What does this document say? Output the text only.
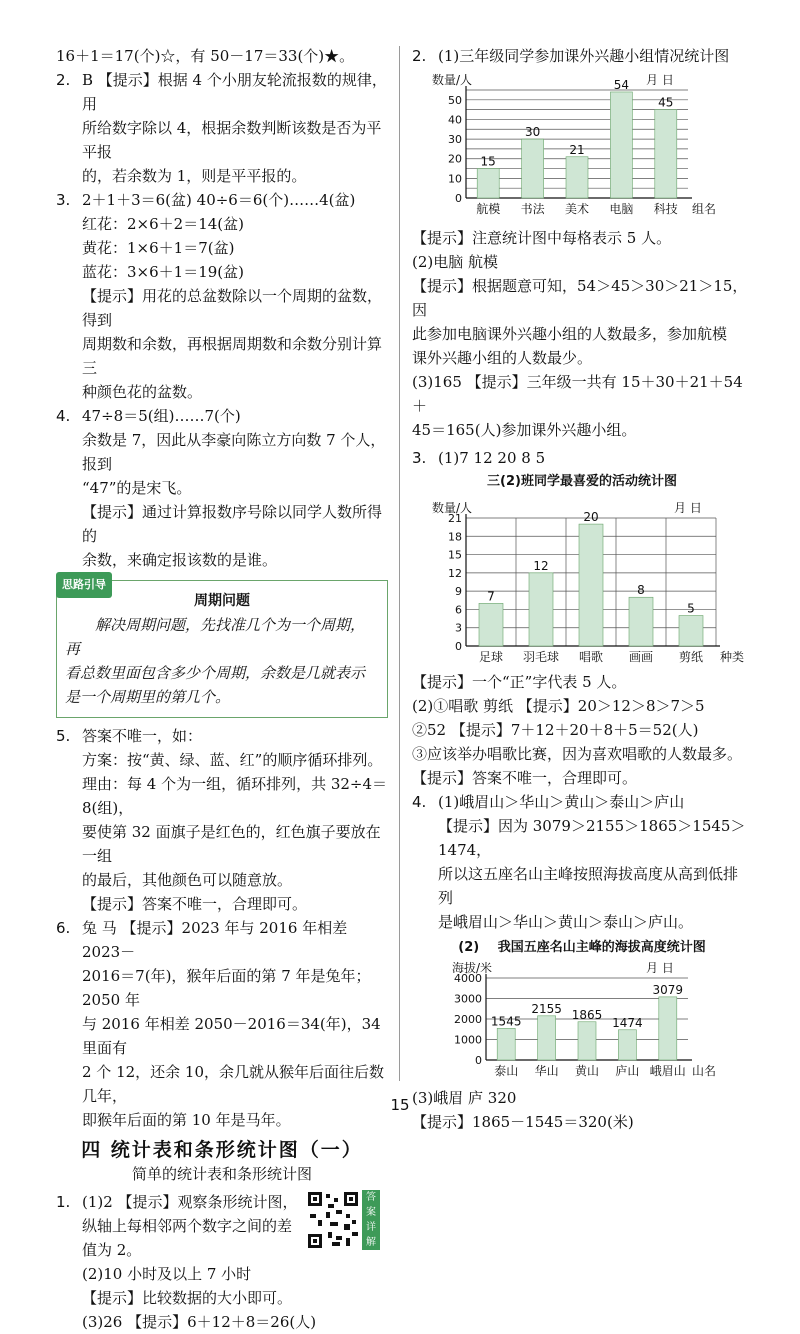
16＋1＝17(个)☆，有 50－17＝33(个)★。

2. B 【提示】根据 4 个小朋友轮流报数的规律，用

所给数字除以 4，根据余数判断该数是否为平平报

的，若余数为 1，则是平平报的。

3. 2＋1＋3＝6(盆) 40÷6＝6(个)……4(盆)

红花：2×6＋2＝14(盆)

黄花：1×6＋1＝7(盆)

蓝花：3×6＋1＝19(盆)

【提示】用花的总盆数除以一个周期的盆数，得到

周期数和余数，再根据周期数和余数分别计算三

种颜色花的盆数。

4. 47÷8＝5(组)……7(个)

余数是 7，因此从李豪向陈立方向数 7 个人，报到

“47”的是宋飞。

【提示】通过计算报数序号除以同学人数所得的

余数，来确定报该数的是谁。

思路引导
周期问题

解决周期问题，先找准几个为一个周期，再

看总数里面包含多少个周期，余数是几就表示

是一个周期里的第几个。

5. 答案不唯一，如：

方案：按“黄、绿、蓝、红”的顺序循环排列。

理由：每 4 个为一组，循环排列，共 32÷4＝8(组)，

要使第 32 面旗子是红色的，红色旗子要放在一组

的最后，其他颜色可以随意放。

【提示】答案不唯一，合理即可。

6. 兔 马 【提示】2023 年与 2016 年相差 2023－

2016＝7(年)，猴年后面的第 7 年是兔年；2050 年

与 2016 年相差 2050－2016＝34(年)，34 里面有

2 个 12，还余 10，余几就从猴年后面往后数几年，

即猴年后面的第 10 年是马年。

四 统计表和条形统计图（一）
简单的统计表和条形统计图
1. (1)2 【提示】观察条形统计图，

纵轴上每相邻两个数字之间的差

值为 2。

(2)10 小时及以上 7 小时

【提示】比较数据的大小即可。

(3)26 【提示】6＋12＋8＝26(人)

答案详解
2. (1)三年级同学参加课外兴趣小组情况统计图

数量/人	月 日
0
10
20
30
40
50
15
航模
30
书法
21
美术
54
电脑
45
科技 组名

【提示】注意统计图中每格表示 5 人。

(2)电脑 航模

【提示】根据题意可知，54＞45＞30＞21＞15，因

此参加电脑课外兴趣小组的人数最多，参加航模

课外兴趣小组的人数最少。

(3)165 【提示】三年级一共有 15＋30＋21＋54＋

45＝165(人)参加课外兴趣小组。

3. (1)7 12 20 8 5

三(2)班同学最喜爱的活动统计图
数量/人	月 日
0
3
6
9
12
15
18
21
7
足球
12
羽毛球
20
唱歌
8
画画
5
剪纸 种类

【提示】一个“正”字代表 5 人。

(2)①唱歌 剪纸 【提示】20＞12＞8＞7＞5

②52 【提示】7＋12＋20＋8＋5＝52(人)

③应该举办唱歌比赛，因为喜欢唱歌的人数最多。

【提示】答案不唯一，合理即可。

4. (1)峨眉山＞华山＞黄山＞泰山＞庐山

【提示】因为 3079＞2155＞1865＞1545＞1474，

所以这五座名山主峰按照海拔高度从高到低排列

是峨眉山＞华山＞黄山＞泰山＞庐山。

(2) 我国五座名山主峰的海拔高度统计图
海拔/米	月 日
0
1000
2000
3000
4000
1545
泰山
2155
华山
1865
黄山
1474
庐山
3079
峨眉山 山名

(3)峨眉 庐 320

【提示】1865－1545＝320(米)

15
